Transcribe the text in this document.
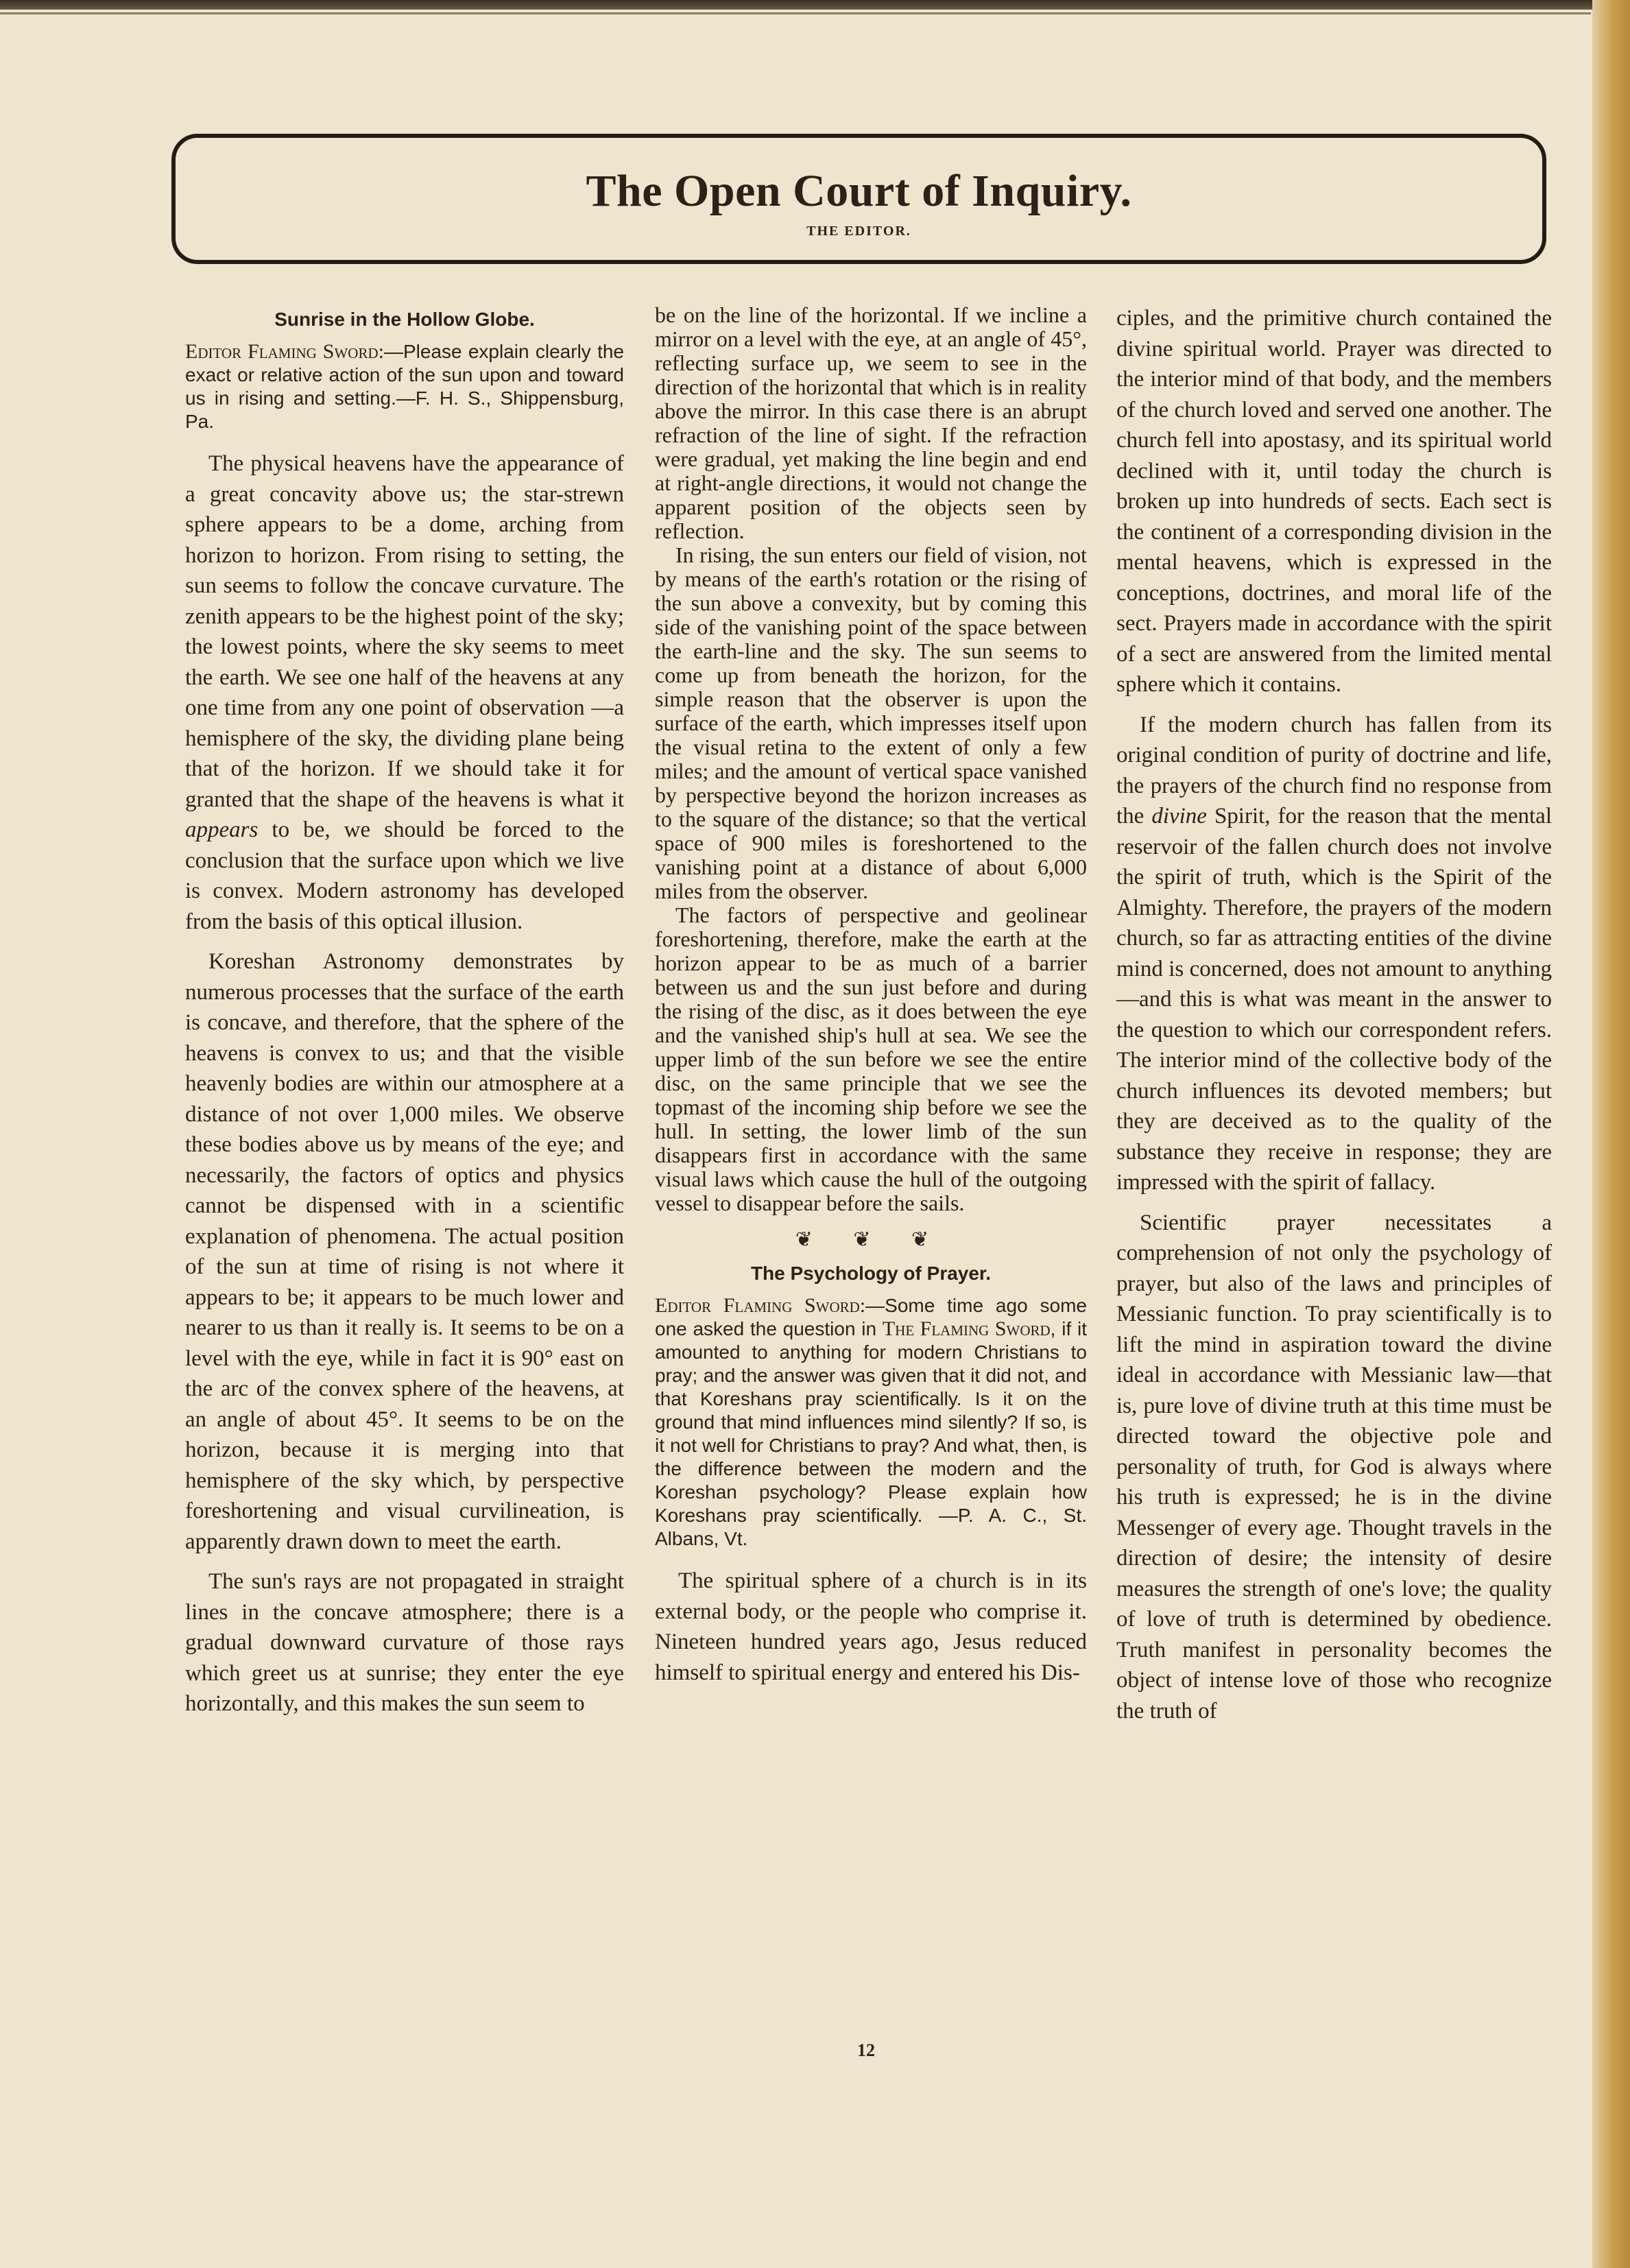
The Open Court of Inquiry.
THE EDITOR.
Sunrise in the Hollow Globe.

Editor Flaming Sword:—Please explain clearly the exact or relative action of the sun upon and toward us in rising and setting.—F. H. S., Shippensburg, Pa.

The physical heavens have the appearance of a great concavity above us; the star-strewn sphere appears to be a dome, arching from horizon to horizon. From rising to setting, the sun seems to follow the concave curvature. The zenith appears to be the highest point of the sky; the lowest points, where the sky seems to meet the earth. We see one half of the heavens at any one time from any one point of observation —a hemisphere of the sky, the dividing plane being that of the horizon. If we should take it for granted that the shape of the heavens is what it appears to be, we should be forced to the conclusion that the surface upon which we live is convex. Modern astronomy has developed from the basis of this optical illusion.

Koreshan Astronomy demonstrates by numerous processes that the surface of the earth is concave, and therefore, that the sphere of the heavens is convex to us; and that the visible heavenly bodies are within our atmosphere at a distance of not over 1,000 miles. We observe these bodies above us by means of the eye; and necessarily, the factors of optics and physics cannot be dispensed with in a scientific explanation of phenomena. The actual position of the sun at time of rising is not where it appears to be; it appears to be much lower and nearer to us than it really is. It seems to be on a level with the eye, while in fact it is 90° east on the arc of the convex sphere of the heavens, at an angle of about 45°. It seems to be on the horizon, because it is merging into that hemisphere of the sky which, by perspective foreshortening and visual curvilineation, is apparently drawn down to meet the earth.

The sun's rays are not propagated in straight lines in the concave atmosphere; there is a gradual downward curvature of those rays which greet us at sunrise; they enter the eye horizontally, and this makes the sun seem to

be on the line of the horizontal. If we incline a mirror on a level with the eye, at an angle of 45°, reflecting surface up, we seem to see in the direction of the horizontal that which is in reality above the mirror. In this case there is an abrupt refraction of the line of sight. If the refraction were gradual, yet making the line begin and end at right-angle directions, it would not change the apparent position of the objects seen by reflection.

In rising, the sun enters our field of vision, not by means of the earth's rotation or the rising of the sun above a convexity, but by coming this side of the vanishing point of the space between the earth-line and the sky. The sun seems to come up from beneath the horizon, for the simple reason that the observer is upon the surface of the earth, which impresses itself upon the visual retina to the extent of only a few miles; and the amount of vertical space vanished by perspective beyond the horizon increases as to the square of the distance; so that the vertical space of 900 miles is foreshortened to the vanishing point at a distance of about 6,000 miles from the observer.

The factors of perspective and geolinear foreshortening, therefore, make the earth at the horizon appear to be as much of a barrier between us and the sun just before and during the rising of the disc, as it does between the eye and the vanished ship's hull at sea. We see the upper limb of the sun before we see the entire disc, on the same principle that we see the topmast of the incoming ship before we see the hull. In setting, the lower limb of the sun disappears first in accordance with the same visual laws which cause the hull of the outgoing vessel to disappear before the sails.

❦ ❦ ❦
The Psychology of Prayer.

Editor Flaming Sword:—Some time ago some one asked the question in The Flaming Sword, if it amounted to anything for modern Christians to pray; and the answer was given that it did not, and that Koreshans pray scientifically. Is it on the ground that mind influences mind silently? If so, is it not well for Christians to pray? And what, then, is the difference between the modern and the Koreshan psychology? Please explain how Koreshans pray scientifically. —P. A. C., St. Albans, Vt.

The spiritual sphere of a church is in its external body, or the people who comprise it. Nineteen hundred years ago, Jesus reduced himself to spiritual energy and entered his Dis-

ciples, and the primitive church contained the divine spiritual world. Prayer was directed to the interior mind of that body, and the members of the church loved and served one another. The church fell into apostasy, and its spiritual world declined with it, until today the church is broken up into hundreds of sects. Each sect is the continent of a corresponding division in the mental heavens, which is expressed in the conceptions, doctrines, and moral life of the sect. Prayers made in accordance with the spirit of a sect are answered from the limited mental sphere which it contains.

If the modern church has fallen from its original condition of purity of doctrine and life, the prayers of the church find no response from the divine Spirit, for the reason that the mental reservoir of the fallen church does not involve the spirit of truth, which is the Spirit of the Almighty. Therefore, the prayers of the modern church, so far as attracting entities of the divine mind is concerned, does not amount to anything—and this is what was meant in the answer to the question to which our correspondent refers. The interior mind of the collective body of the church influences its devoted members; but they are deceived as to the quality of the substance they receive in response; they are impressed with the spirit of fallacy.

Scientific prayer necessitates a comprehension of not only the psychology of prayer, but also of the laws and principles of Messianic function. To pray scientifically is to lift the mind in aspiration toward the divine ideal in accordance with Messianic law—that is, pure love of divine truth at this time must be directed toward the objective pole and personality of truth, for God is always where his truth is expressed; he is in the divine Messenger of every age. Thought travels in the direction of desire; the intensity of desire measures the strength of one's love; the quality of love of truth is determined by obedience. Truth manifest in personality becomes the object of intense love of those who recognize the truth of

12
